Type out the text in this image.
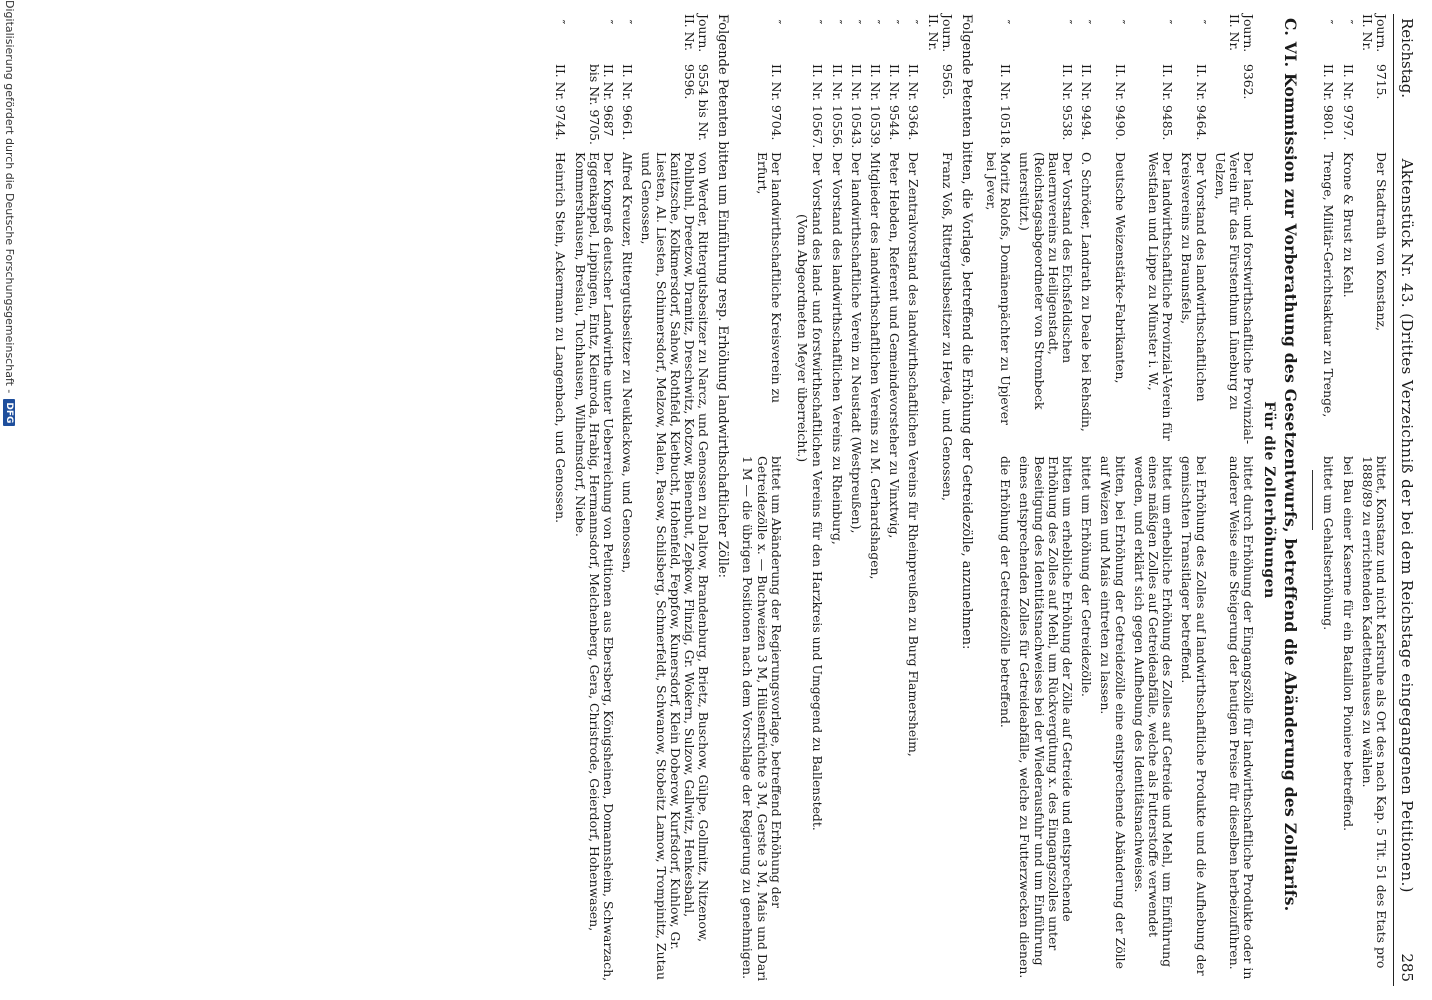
Reichstag.
Aktenstück Nr. 43. (Drittes Verzeichniß der bei dem Reichstage eingegangenen Petitionen.)
285
Journ. II. Nr.
9715.
Der Stadtrath von Konstanz,
bittet, Konstanz und nicht Karlsruhe als Ort des nach Kap. 5 Tit. 51 des Etats pro 1888/89 zu errichtenden Kadettenhauses zu wählen.
″
II. Nr. 9797.
Krone & Brust zu Kehl.
bei Bau einer Kaserne für ein Bataillon Pioniere betreffend.
″
II. Nr. 9801.
Trenge, Militär-Gerichtsaktuar zu Trenge,
bittet um Gehaltserhöhung.
C. VI. Kommission zur Vorberathung des Gesetzentwurfs, betreffend die Abänderung des Zolltarifs.
Für die Zollerhöhungen
Journ. II. Nr.
9362.
Der land- und forstwirthschaftliche Provinzial-Verein für das Fürstenthum Lüneburg zu Uelzen,
bittet durch Erhöhung der Eingangszölle für landwirthschaftliche Produkte oder in anderer Weise eine Steigerung der heutigen Preise für dieselben herbeizuführen.
″
II. Nr. 9464.
Der Vorstand des landwirthschaftlichen Kreisvereins zu Braunsfels,
bei Erhöhung des Zolles auf landwirthschaftliche Produkte und die Aufhebung der gemischten Transitlager betreffend.
″
II. Nr. 9485.
Der landwirthschaftliche Provinzial-Verein für Westfalen und Lippe zu Münster i. W.,
bittet um erhebliche Erhöhung des Zolles auf Getreide und Mehl, um Einführung eines mäßigen Zolles auf Getreideabfälle, welche als Futterstoffe verwendet werden, und erklärt sich gegen Aufhebung des Identitätsnachweises.
″
II. Nr. 9490.
Deutsche Weizenstärke-Fabrikanten,
bitten, bei Erhöhung der Getreidezölle eine entsprechende Abänderung der Zölle auf Weizen und Mais eintreten zu lassen.
″
II. Nr. 9494.
O. Schröder, Landrath zu Deale bei Rehsdin,
bittet um Erhöhung der Getreidezölle.
″
II. Nr. 9538.
Der Vorstand des Eichsfeldischen Bauernvereins zu Heiligenstadt, (Reichstagsabgeordneter von Strombeck unterstützt.)
bitten um erhebliche Erhöhung der Zölle auf Getreide und entsprechende Erhöhung des Zolles auf Mehl, um Rückvergütung x. des Eingangszolles unter Beseitigung des Identitätsnachweises bei der Wiederausfuhr und um Einführung eines entsprechenden Zolles für Getreideabfälle, welche zu Futterzwecken dienen.
″
II. Nr. 10518.
Moritz Rolofs, Domänenpächter zu Upjever bei Jever,
die Erhöhung der Getreidezölle betreffend.
Folgende Petenten bitten, die Vorlage, betreffend die Erhöhung der Getreidezölle, anzunehmen:
Journ. II. Nr.
9565.
Franz Voß, Rittergutsbesitzer zu Heyda, und Genossen,
″
II. Nr. 9364.
Der Zentralvorstand des landwirthschaftlichen Vereins für Rheinpreußen zu Burg Flamersheim,
″
II. Nr. 9544.
Peter Hebden, Referent und Gemeindevorsteher zu Vinxtwig,
″
II. Nr. 10539.
Mitglieder des landwirthschaftlichen Vereins zu M. Gerhardshagen,
″
II. Nr. 10543.
Der landwirthschaftliche Verein zu Neustadt (Westpreußen),
″
II. Nr. 10556.
Der Vorstand des landwirthschaftlichen Vereins zu Rheinburg,
″
II. Nr. 10567.
Der Vorstand des land- und forstwirthschaftlichen Vereins für den Harzkreis und Umgegend zu Ballenstedt.
(Vom Abgeordneten Meyer überreicht.)
″
II. Nr. 9704.
Der landwirthschaftliche Kreisverein zu Erfurt,
bittet um Abänderung der Regierungsvorlage, betreffend Erhöhung der Getreidezölle x. — Buchweizen 3 M, Hülsenfrüchte 3 M, Gerste 3 M, Mais und Dari 1 M — die übrigen Positionen nach dem Vorschlage der Regierung zu genehmigen.
Folgende Petenten bitten um Einführung resp. Erhöhung landwirthschaftlicher Zölle:
Journ. II. Nr.
9554 bis Nr. 9596.
von Werder, Rittergutsbesitzer zu Narcz, und Genossen zu Daltow, Brandenburg, Brietz, Buschow, Gülpe, Gollmitz, Nitzenow, Pohlbuhl, Dreetzow, Dramitz, Dreschwitz, Kotzow, Bienenbut, Zepkow, Flinzig, Gr. Wokern, Sulzow, Gallwitz, Henkesbahl, Kanitzsche, Kolkmersdorf, Sahow, Rothfeld, Kietbucht, Hohenfeld, Feppfow, Kunersdorf, Klein Doberow, Kurfsdorf, Kuhlow, Gr. Liesten, Al. Liesten, Schinnersdorf, Melzow, Malen, Pasow, Schilsberg, Schmerfeldt, Schwanow, Stobeitz Lamow, Trompinitz, Zutau und Genossen,
″
II. Nr. 9661.
Alfred Kreuzer, Rittergutsbesitzer zu Neuklackowa, und Genossen,
″
II. Nr. 9687 bis Nr. 9705.
Der Kongreß deutscher Landwirthe unter Ueberreichung von Petitionen aus Ebersberg, Königsheinen, Domannsheim, Schwarzach, Eggenkappel, Lippingen, Eintz, Kleinroda, Hrabig, Hermannsdorf, Melchenberg, Gera, Christrode, Geierdorf, Hohenwasen, Kommershausen, Breslau, Tuchhausen, Wilhelmsdorf, Niebe.
″
II. Nr. 9744.
Heinrich Stein, Ackermann zu Langenbach, und Genossen.
Digitalisierung gefördert durch die Deutsche Forschungsgemeinschaft -
DFG
